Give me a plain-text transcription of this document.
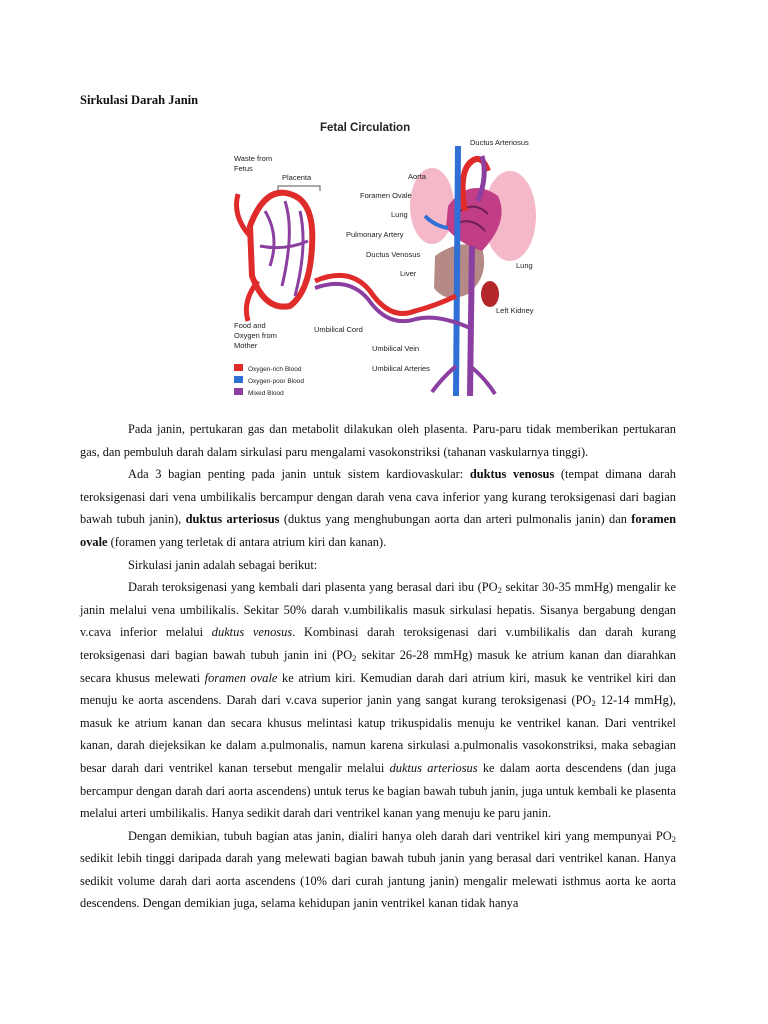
Sirkulasi Darah Janin
Fetal Circulation
Ductus Arteriosus
Waste from
Fetus
Placenta	Aorta
Foramen Ovale
Lung
Pulmonary Artery
Ductus Venosus
Liver
Lung
Left Kidney
Food and
Oxygen from
Mother
Umbilical Cord
Umbilical Vein
Umbilical Arteries
Oxygen-rich Blood
Oxygen-poor Blood
Mixed Blood

Pada janin, pertukaran gas dan metabolit dilakukan oleh plasenta. Paru-paru tidak memberikan pertukaran gas, dan pembuluh darah dalam sirkulasi paru mengalami vasokonstriksi (tahanan vaskularnya tinggi).

Ada 3 bagian penting pada janin untuk sistem kardiovaskular: duktus venosus (tempat dimana darah teroksigenasi dari vena umbilikalis bercampur dengan darah vena cava inferior yang kurang teroksigenasi dari bagian bawah tubuh janin), duktus arteriosus (duktus yang menghubungan aorta dan arteri pulmonalis janin) dan foramen ovale (foramen yang terletak di antara atrium kiri dan kanan).

Sirkulasi janin adalah sebagai berikut:

Darah teroksigenasi yang kembali dari plasenta yang berasal dari ibu ($PO_2$ sekitar 30-35 mmHg) mengalir ke janin melalui vena umbilikalis. Sekitar 50% darah v.umbilikalis masuk sirkulasi hepatis. Sisanya bergabung dengan v.cava inferior melalui duktus venosus. Kombinasi darah teroksigenasi dari v.umbilikalis dan darah kurang teroksigenasi dari bagian bawah tubuh janin ini ($PO_2$ sekitar 26-28 mmHg) masuk ke atrium kanan dan diarahkan secara khusus melewati foramen ovale ke atrium kiri. Kemudian darah dari atrium kiri, masuk ke ventrikel kiri dan menuju ke aorta ascendens. Darah dari v.cava superior janin yang sangat kurang teroksigenasi ($PO_2$ 12-14 mmHg), masuk ke atrium kanan dan secara khusus melintasi katup trikuspidalis menuju ke ventrikel kanan. Dari ventrikel kanan, darah diejeksikan ke dalam a.pulmonalis, namun karena sirkulasi a.pulmonalis vasokonstriksi, maka sebagian besar darah dari ventrikel kanan tersebut mengalir melalui duktus arteriosus ke dalam aorta descendens (dan juga bercampur dengan darah dari aorta ascendens) untuk terus ke bagian bawah tubuh janin, juga untuk kembali ke plasenta melalui arteri umbilikalis. Hanya sedikit darah dari ventrikel kanan yang menuju ke paru janin.

Dengan demikian, tubuh bagian atas janin, dialiri hanya oleh darah dari ventrikel kiri yang mempunyai $PO_2$ sedikit lebih tinggi daripada darah yang melewati bagian bawah tubuh janin yang berasal dari ventrikel kanan. Hanya sedikit volume darah dari aorta ascendens (10% dari curah jantung janin) mengalir melewati isthmus aorta ke aorta descendens. Dengan demikian juga, selama kehidupan janin ventrikel kanan tidak hanya
